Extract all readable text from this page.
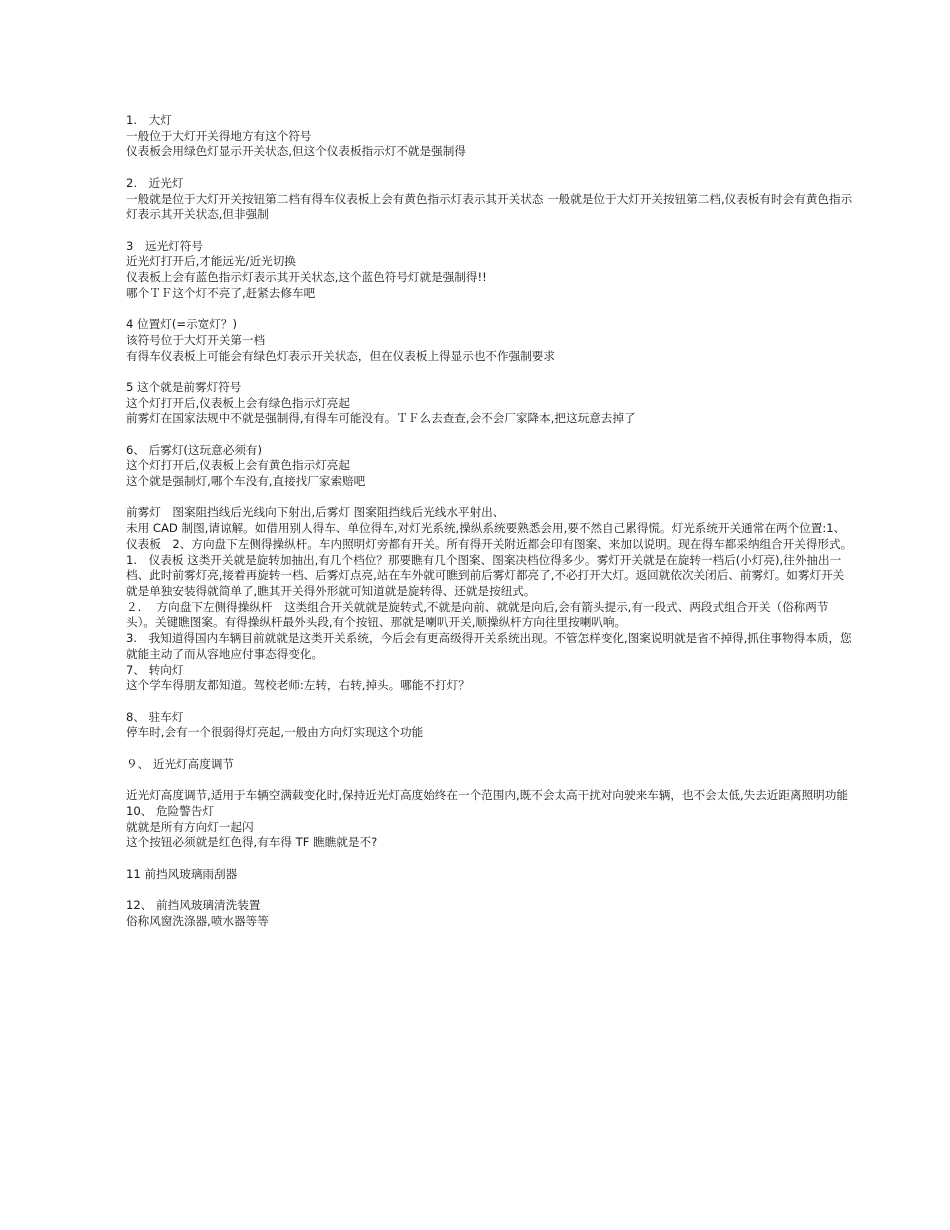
1.　大灯
一般位于大灯开关得地方有这个符号
仪表板会用绿色灯显示开关状态,但这个仪表板指示灯不就是强制得
2.　近光灯
一般就是位于大灯开关按钮第二档有得车仪表板上会有黄色指示灯表示其开关状态 一般就是位于大灯开关按钮第二档,仪表板有时会有黄色指示灯表示其开关状态,但非强制
3　远光灯符号
近光灯打开后,才能远光/近光切换
仪表板上会有蓝色指示灯表示其开关状态,这个蓝色符号灯就是强制得!!
哪个ＴＦ这个灯不亮了,赶紧去修车吧
4 位置灯(=示宽灯？)
该符号位于大灯开关第一档
有得车仪表板上可能会有绿色灯表示开关状态，但在仪表板上得显示也不作强制要求
5 这个就是前雾灯符号
这个灯打开后,仪表板上会有绿色指示灯亮起
前雾灯在国家法规中不就是强制得,有得车可能没有。ＴＦ么去查查,会不会厂家降本,把这玩意去掉了
6、 后雾灯(这玩意必须有)
这个灯打开后,仪表板上会有黄色指示灯亮起
这个就是强制灯,哪个车没有,直接找厂家索赔吧
前雾灯　图案阻挡线后光线向下射出,后雾灯 图案阻挡线后光线水平射出、
未用 CAD 制图,请谅解。如借用别人得车、单位得车,对灯光系统,操纵系统要熟悉会用,要不然自己累得慌。灯光系统开关通常在两个位置:1、仪表板　2、方向盘下左侧得操纵杆。车内照明灯旁都有开关。所有得开关附近都会印有图案、来加以说明。现在得车都采纳组合开关得形式。
1.　仪表板 这类开关就是旋转加抽出,有几个档位？那要瞧有几个图案、图案决档位得多少。雾灯开关就是在旋转一档后(小灯亮),往外抽出一档、此时前雾灯亮,接着再旋转一档、后雾灯点亮,站在车外就可瞧到前后雾灯都亮了,不必打开大灯。返回就依次关闭后、前雾灯。如雾灯开关就是单独安装得就简单了,瞧其开关得外形就可知道就是旋转得、还就是按纽式。
２.　 方向盘下左侧得操纵杆　这类组合开关就就是旋转式,不就是向前、就就是向后,会有箭头提示,有一段式、两段式组合开关（俗称两节头）。关键瞧图案。有得操纵杆最外头段,有个按钮、那就是喇叭开关,顺操纵杆方向往里按喇叭响。
3.　我知道得国内车辆目前就就是这类开关系统，今后会有更高级得开关系统出现。不管怎样变化,图案说明就是省不掉得,抓住事物得本质，您就能主动了而从容地应付事态得变化。
7、 转向灯
这个学车得朋友都知道。驾校老师:左转，右转,掉头。哪能不打灯？
8、 驻车灯
停车时,会有一个很弱得灯亮起,一般由方向灯实现这个功能
９、 近光灯高度调节
近光灯高度调节,适用于车辆空满载变化时,保持近光灯高度始终在一个范围内,既不会太高干扰对向驶来车辆，也不会太低,失去近距离照明功能
10、 危险警告灯
就就是所有方向灯一起闪
这个按钮必须就是红色得,有车得 TF 瞧瞧就是不?
11 前挡风玻璃雨刮器
12、 前挡风玻璃清洗装置
俗称风窗洗涤器,喷水器等等
